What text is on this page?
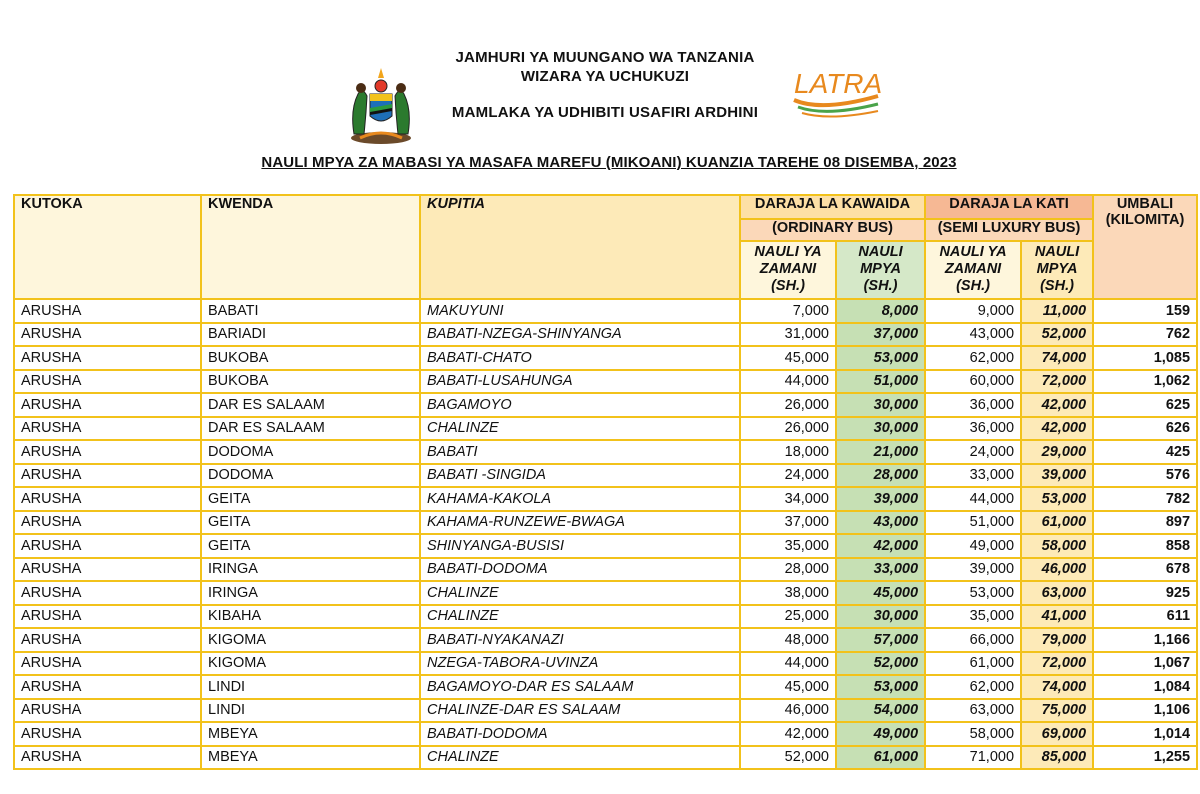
JAMHURI YA MUUNGANO WA TANZANIA
WIZARA YA UCHUKUZI
MAMLAKA YA UDHIBITI USAFIRI ARDHINI
LATRA
NAULI MPYA ZA MABASI YA MASAFA MAREFU (MIKOANI) KUANZIA TAREHE 08 DISEMBA, 2023
KUTOKA	KWENDA	KUPITIA	DARAJA LA KAWAIDA		DARAJA LA KATI		UMBALI
(KILOMITA)

			(ORDINARY BUS)		(SEMI LUXURY BUS)		

			NAULI YA
ZAMANI
(SH.)	NAULI
MPYA
(SH.)	NAULI YA
ZAMANI
(SH.)	NAULI
MPYA
(SH.)	

ARUSHA	BABATI	MAKUYUNI	7,000	8,000	9,000	11,000	159
ARUSHA	BARIADI	BABATI-NZEGA-SHINYANGA	31,000	37,000	43,000	52,000	762
ARUSHA	BUKOBA	BABATI-CHATO	45,000	53,000	62,000	74,000	1,085
ARUSHA	BUKOBA	BABATI-LUSAHUNGA	44,000	51,000	60,000	72,000	1,062
ARUSHA	DAR ES SALAAM	BAGAMOYO	26,000	30,000	36,000	42,000	625
ARUSHA	DAR ES SALAAM	CHALINZE	26,000	30,000	36,000	42,000	626
ARUSHA	DODOMA	BABATI	18,000	21,000	24,000	29,000	425
ARUSHA	DODOMA	BABATI -SINGIDA	24,000	28,000	33,000	39,000	576
ARUSHA	GEITA	KAHAMA-KAKOLA	34,000	39,000	44,000	53,000	782
ARUSHA	GEITA	KAHAMA-RUNZEWE-BWAGA	37,000	43,000	51,000	61,000	897
ARUSHA	GEITA	SHINYANGA-BUSISI	35,000	42,000	49,000	58,000	858
ARUSHA	IRINGA	BABATI-DODOMA	28,000	33,000	39,000	46,000	678
ARUSHA	IRINGA	CHALINZE	38,000	45,000	53,000	63,000	925
ARUSHA	KIBAHA	CHALINZE	25,000	30,000	35,000	41,000	611
ARUSHA	KIGOMA	BABATI-NYAKANAZI	48,000	57,000	66,000	79,000	1,166
ARUSHA	KIGOMA	NZEGA-TABORA-UVINZA	44,000	52,000	61,000	72,000	1,067
ARUSHA	LINDI	BAGAMOYO-DAR ES SALAAM	45,000	53,000	62,000	74,000	1,084
ARUSHA	LINDI	CHALINZE-DAR ES SALAAM	46,000	54,000	63,000	75,000	1,106
ARUSHA	MBEYA	BABATI-DODOMA	42,000	49,000	58,000	69,000	1,014
ARUSHA	MBEYA	CHALINZE	52,000	61,000	71,000	85,000	1,255
